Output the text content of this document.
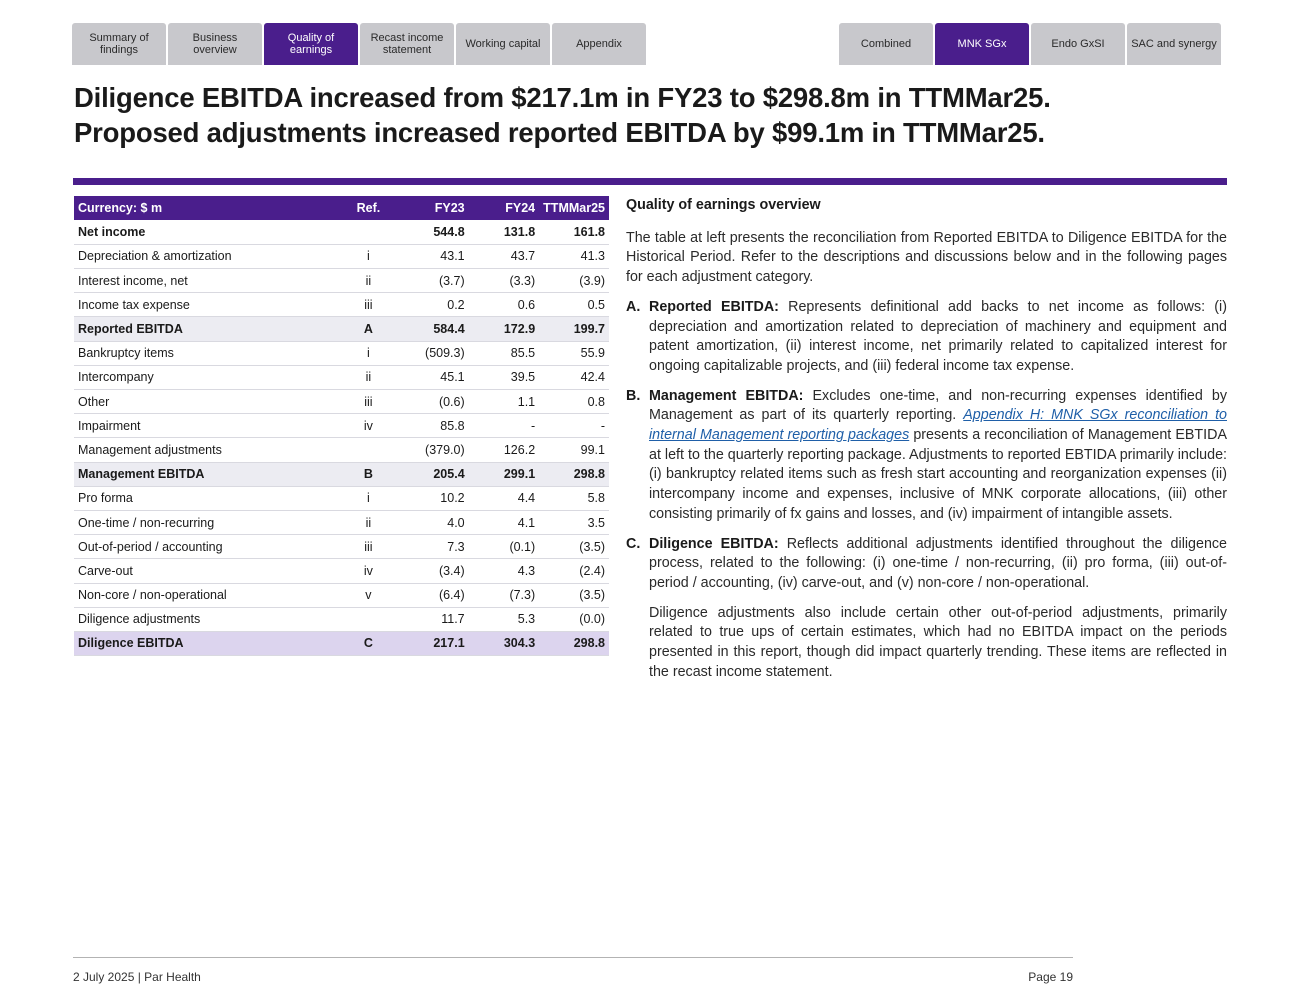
Summary of findings
Business overview
Quality of earnings
Recast income statement	Working capital	Appendix	Combined	MNK SGx	Endo GxSI	SAC and synergy
Diligence EBITDA increased from $217.1m in FY23 to $298.8m in TTMMar25.
Proposed adjustments increased reported EBITDA by $99.1m in TTMMar25.
Currency: $ m	Ref.	FY23	FY24	TTMMar25
Net income		544.8	131.8	161.8
Depreciation & amortization	i	43.1	43.7	41.3
Interest income, net	ii	(3.7)	(3.3)	(3.9)
Income tax expense	iii	0.2	0.6	0.5
Reported EBITDA	A	584.4	172.9	199.7
Bankruptcy items	i	(509.3)	85.5	55.9
Intercompany	ii	45.1	39.5	42.4
Other	iii	(0.6)	1.1	0.8
Impairment	iv	85.8	-	-
Management adjustments		(379.0)	126.2	99.1
Management EBITDA	B	205.4	299.1	298.8
Pro forma	i	10.2	4.4	5.8
One-time / non-recurring	ii	4.0	4.1	3.5
Out-of-period / accounting	iii	7.3	(0.1)	(3.5)
Carve-out	iv	(3.4)	4.3	(2.4)
Non-core / non-operational	v	(6.4)	(7.3)	(3.5)
Diligence adjustments		11.7	5.3	(0.0)
Diligence EBITDA	C	217.1	304.3	298.8
Quality of earnings overview

The table at left presents the reconciliation from Reported EBITDA to Diligence EBITDA for the Historical Period. Refer to the descriptions and discussions below and in the following pages for each adjustment category.

A. Reported EBITDA: Represents definitional add backs to net income as follows: (i) depreciation and amortization related to depreciation of machinery and equipment and patent amortization, (ii) interest income, net primarily related to capitalized interest for ongoing capitalizable projects, and (iii) federal income tax expense.

B. Management EBITDA: Excludes one-time, and non-recurring expenses identified by Management as part of its quarterly reporting. Appendix H: MNK SGx reconciliation to internal Management reporting packages presents a reconciliation of Management EBTIDA at left to the quarterly reporting package. Adjustments to reported EBTIDA primarily include: (i) bankruptcy related items such as fresh start accounting and reorganization expenses (ii) intercompany income and expenses, inclusive of MNK corporate allocations, (iii) other consisting primarily of fx gains and losses, and (iv) impairment of intangible assets.

C. Diligence EBITDA: Reflects additional adjustments identified throughout the diligence process, related to the following: (i) one-time / non-recurring, (ii) pro forma, (iii) out-of-period / accounting, (iv) carve-out, and (v) non-core / non-operational.

Diligence adjustments also include certain other out-of-period adjustments, primarily related to true ups of certain estimates, which had no EBITDA impact on the periods presented in this report, though did impact quarterly trending. These items are reflected in the recast income statement.

2 July 2025 | Par Health	Page 19
